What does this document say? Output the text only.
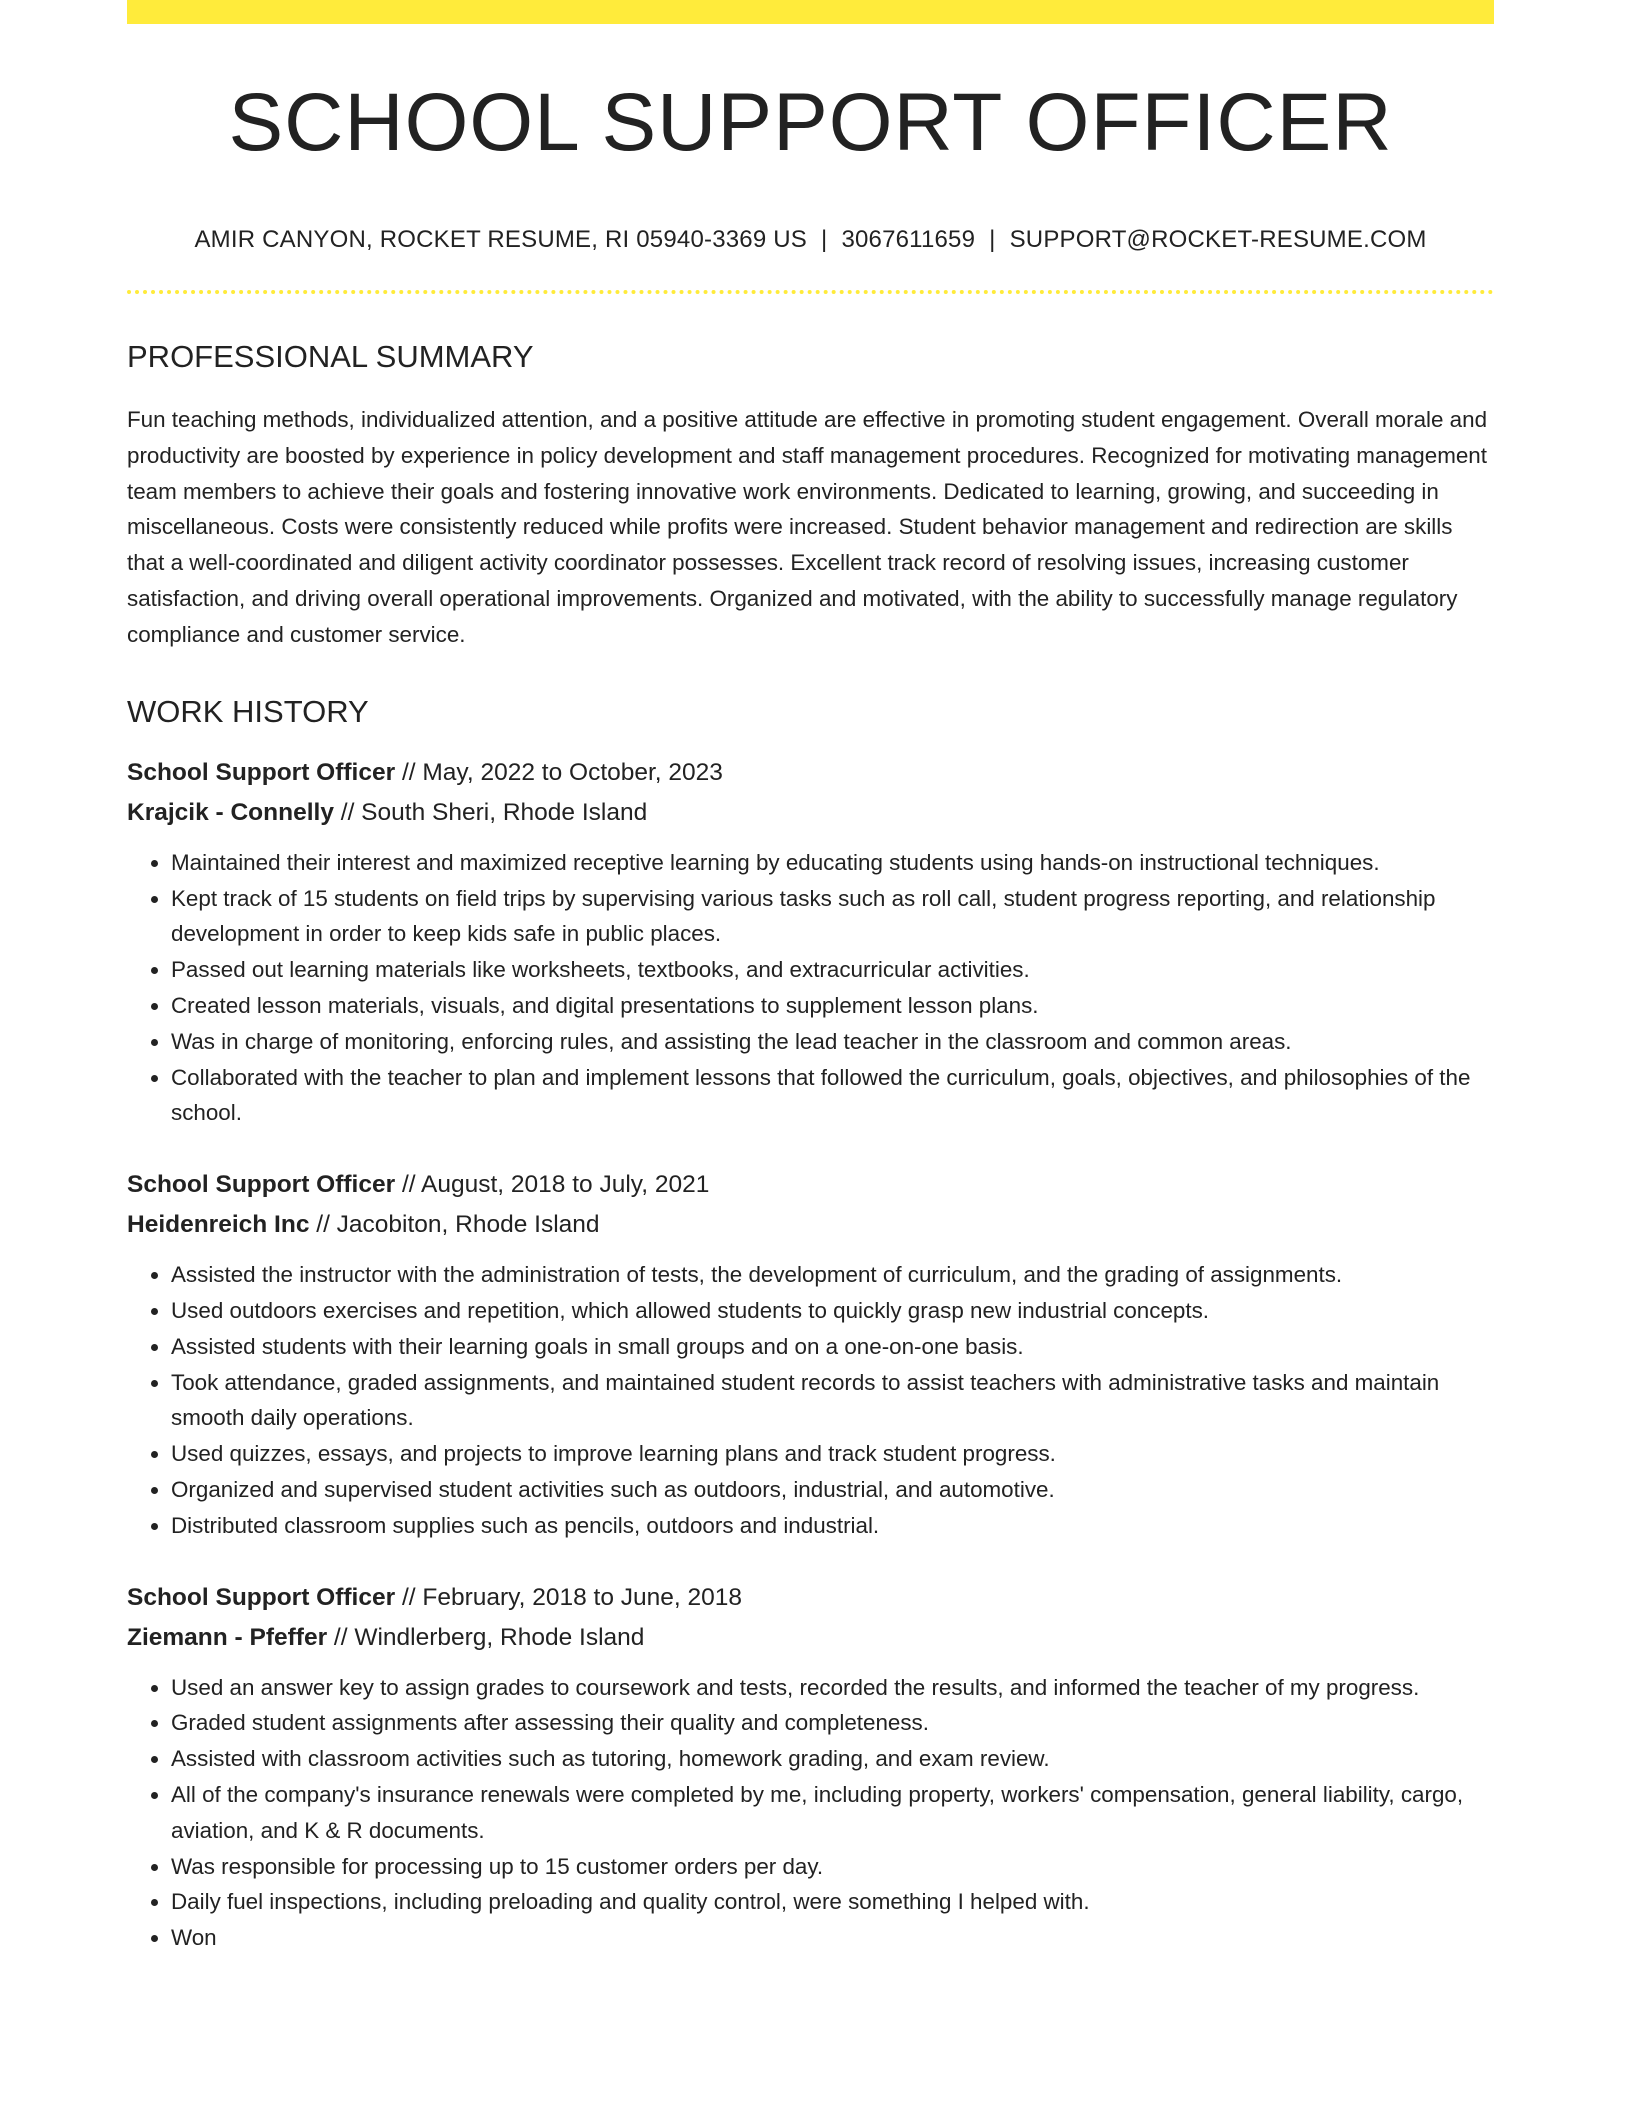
SCHOOL SUPPORT OFFICER
AMIR CANYON, ROCKET RESUME, RI 05940-3369 US | 3067611659 | SUPPORT@ROCKET-RESUME.COM
PROFESSIONAL SUMMARY

Fun teaching methods, individualized attention, and a positive attitude are effective in promoting student engagement. Overall morale and productivity are boosted by experience in policy development and staff management procedures. Recognized for motivating management team members to achieve their goals and fostering innovative work environments. Dedicated to learning, growing, and succeeding in miscellaneous. Costs were consistently reduced while profits were increased. Student behavior management and redirection are skills that a well-coordinated and diligent activity coordinator possesses. Excellent track record of resolving issues, increasing customer satisfaction, and driving overall operational improvements. Organized and motivated, with the ability to successfully manage regulatory compliance and customer service.

WORK HISTORY
School Support Officer // May, 2022 to October, 2023
Krajcik - Connelly // South Sheri, Rhode Island
• Maintained their interest and maximized receptive learning by educating students using hands-on instructional techniques.
• Kept track of 15 students on field trips by supervising various tasks such as roll call, student progress reporting, and relationship development in order to keep kids safe in public places.
• Passed out learning materials like worksheets, textbooks, and extracurricular activities.
• Created lesson materials, visuals, and digital presentations to supplement lesson plans.
• Was in charge of monitoring, enforcing rules, and assisting the lead teacher in the classroom and common areas.
• Collaborated with the teacher to plan and implement lessons that followed the curriculum, goals, objectives, and philosophies of the school.
School Support Officer // August, 2018 to July, 2021
Heidenreich Inc // Jacobiton, Rhode Island
• Assisted the instructor with the administration of tests, the development of curriculum, and the grading of assignments.
• Used outdoors exercises and repetition, which allowed students to quickly grasp new industrial concepts.
• Assisted students with their learning goals in small groups and on a one-on-one basis.
• Took attendance, graded assignments, and maintained student records to assist teachers with administrative tasks and maintain smooth daily operations.
• Used quizzes, essays, and projects to improve learning plans and track student progress.
• Organized and supervised student activities such as outdoors, industrial, and automotive.
• Distributed classroom supplies such as pencils, outdoors and industrial.
School Support Officer // February, 2018 to June, 2018
Ziemann - Pfeffer // Windlerberg, Rhode Island
• Used an answer key to assign grades to coursework and tests, recorded the results, and informed the teacher of my progress.
• Graded student assignments after assessing their quality and completeness.
• Assisted with classroom activities such as tutoring, homework grading, and exam review.
• All of the company's insurance renewals were completed by me, including property, workers' compensation, general liability, cargo, aviation, and K & R documents.
• Was responsible for processing up to 15 customer orders per day.
• Daily fuel inspections, including preloading and quality control, were something I helped with.
• Won
